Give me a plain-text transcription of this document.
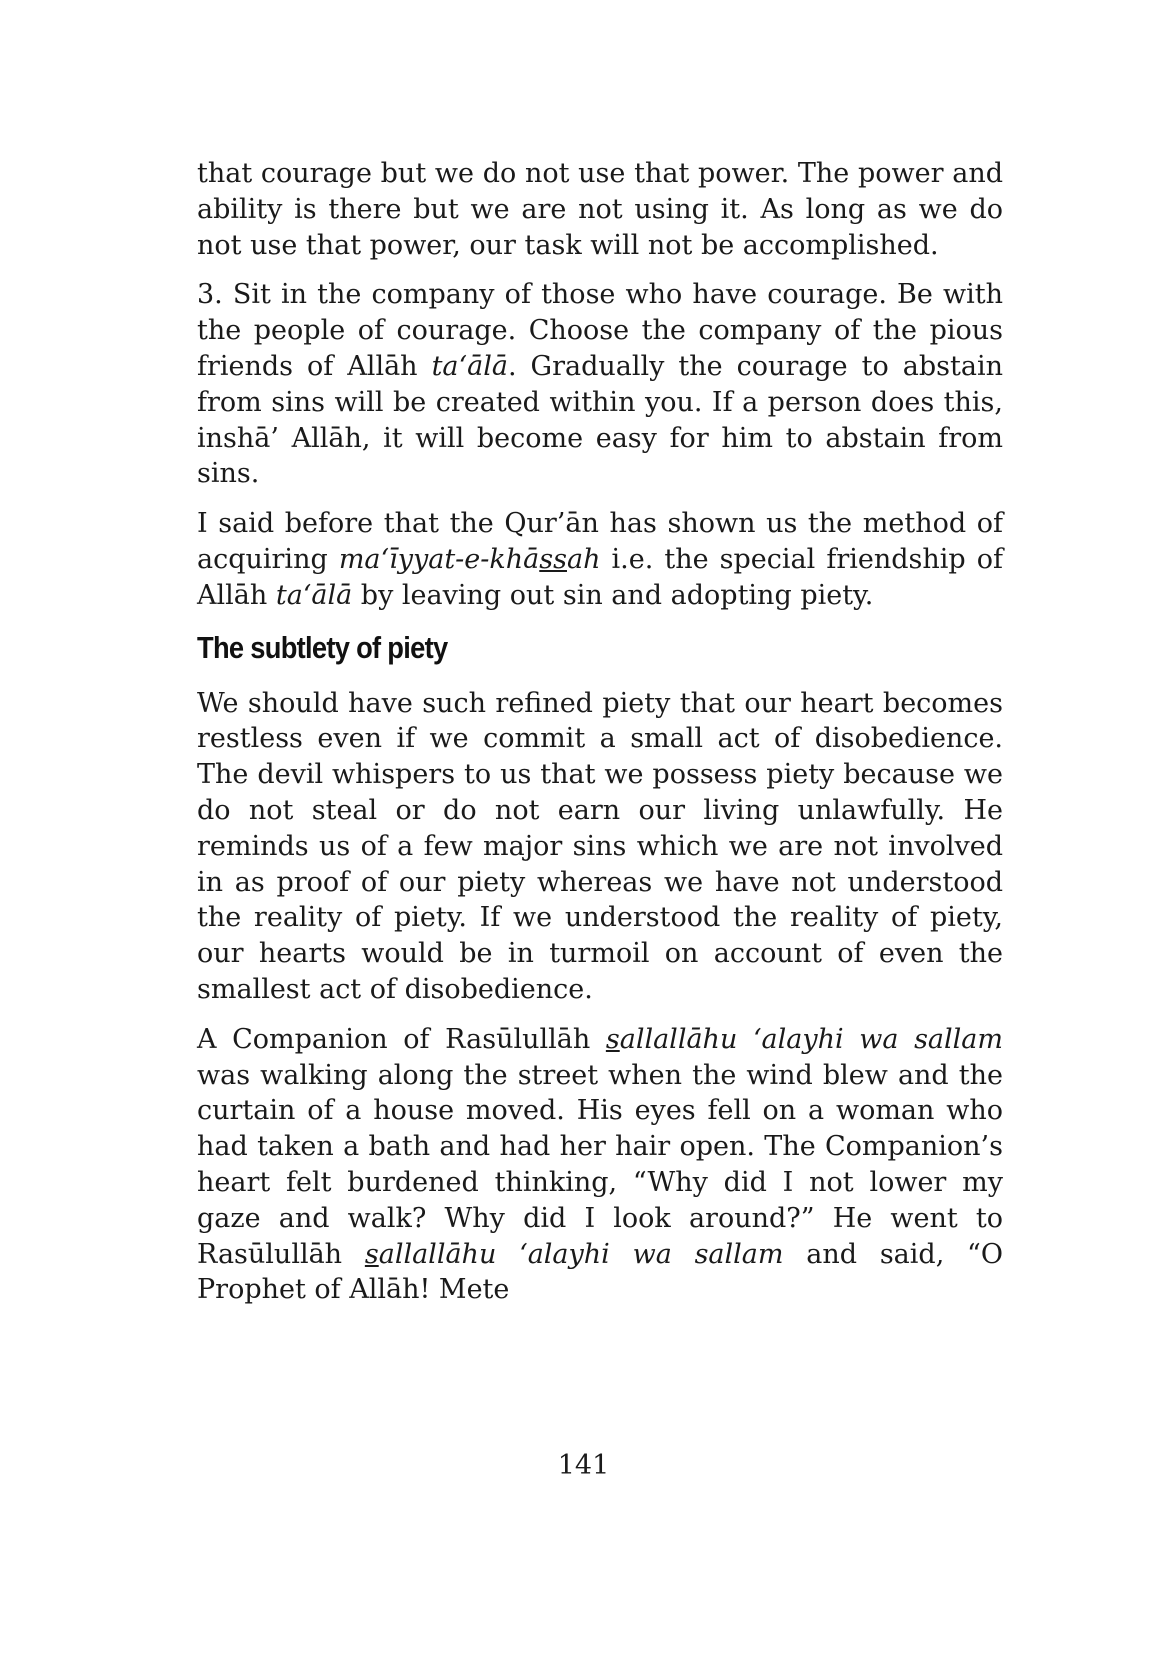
that courage but we do not use that power. The power and ability is there but we are not using it. As long as we do not use that power, our task will not be accomplished.

3. Sit in the company of those who have courage. Be with the people of courage. Choose the company of the pious friends of Allāh ta‘ālā. Gradually the courage to abstain from sins will be created within you. If a person does this, inshā’ Allāh, it will become easy for him to abstain from sins.

I said before that the Qur’ān has shown us the method of acquiring ma‘īyyat-e-khāssah i.e. the special friendship of Allāh ta‘ālā by leaving out sin and adopting piety.

The subtlety of piety

We should have such refined piety that our heart becomes restless even if we commit a small act of disobedience. The devil whispers to us that we possess piety because we do not steal or do not earn our living unlawfully. He reminds us of a few major sins which we are not involved in as proof of our piety whereas we have not understood the reality of piety. If we understood the reality of piety, our hearts would be in turmoil on account of even the smallest act of disobedience.

A Companion of Rasūlullāh sallallāhu ‘alayhi wa sallam was walking along the street when the wind blew and the curtain of a house moved. His eyes fell on a woman who had taken a bath and had her hair open. The Companion’s heart felt burdened thinking, “Why did I not lower my gaze and walk? Why did I look around?” He went to Rasūlullāh sallallāhu ‘alayhi wa sallam and said, “O Prophet of Allāh! Mete

141
